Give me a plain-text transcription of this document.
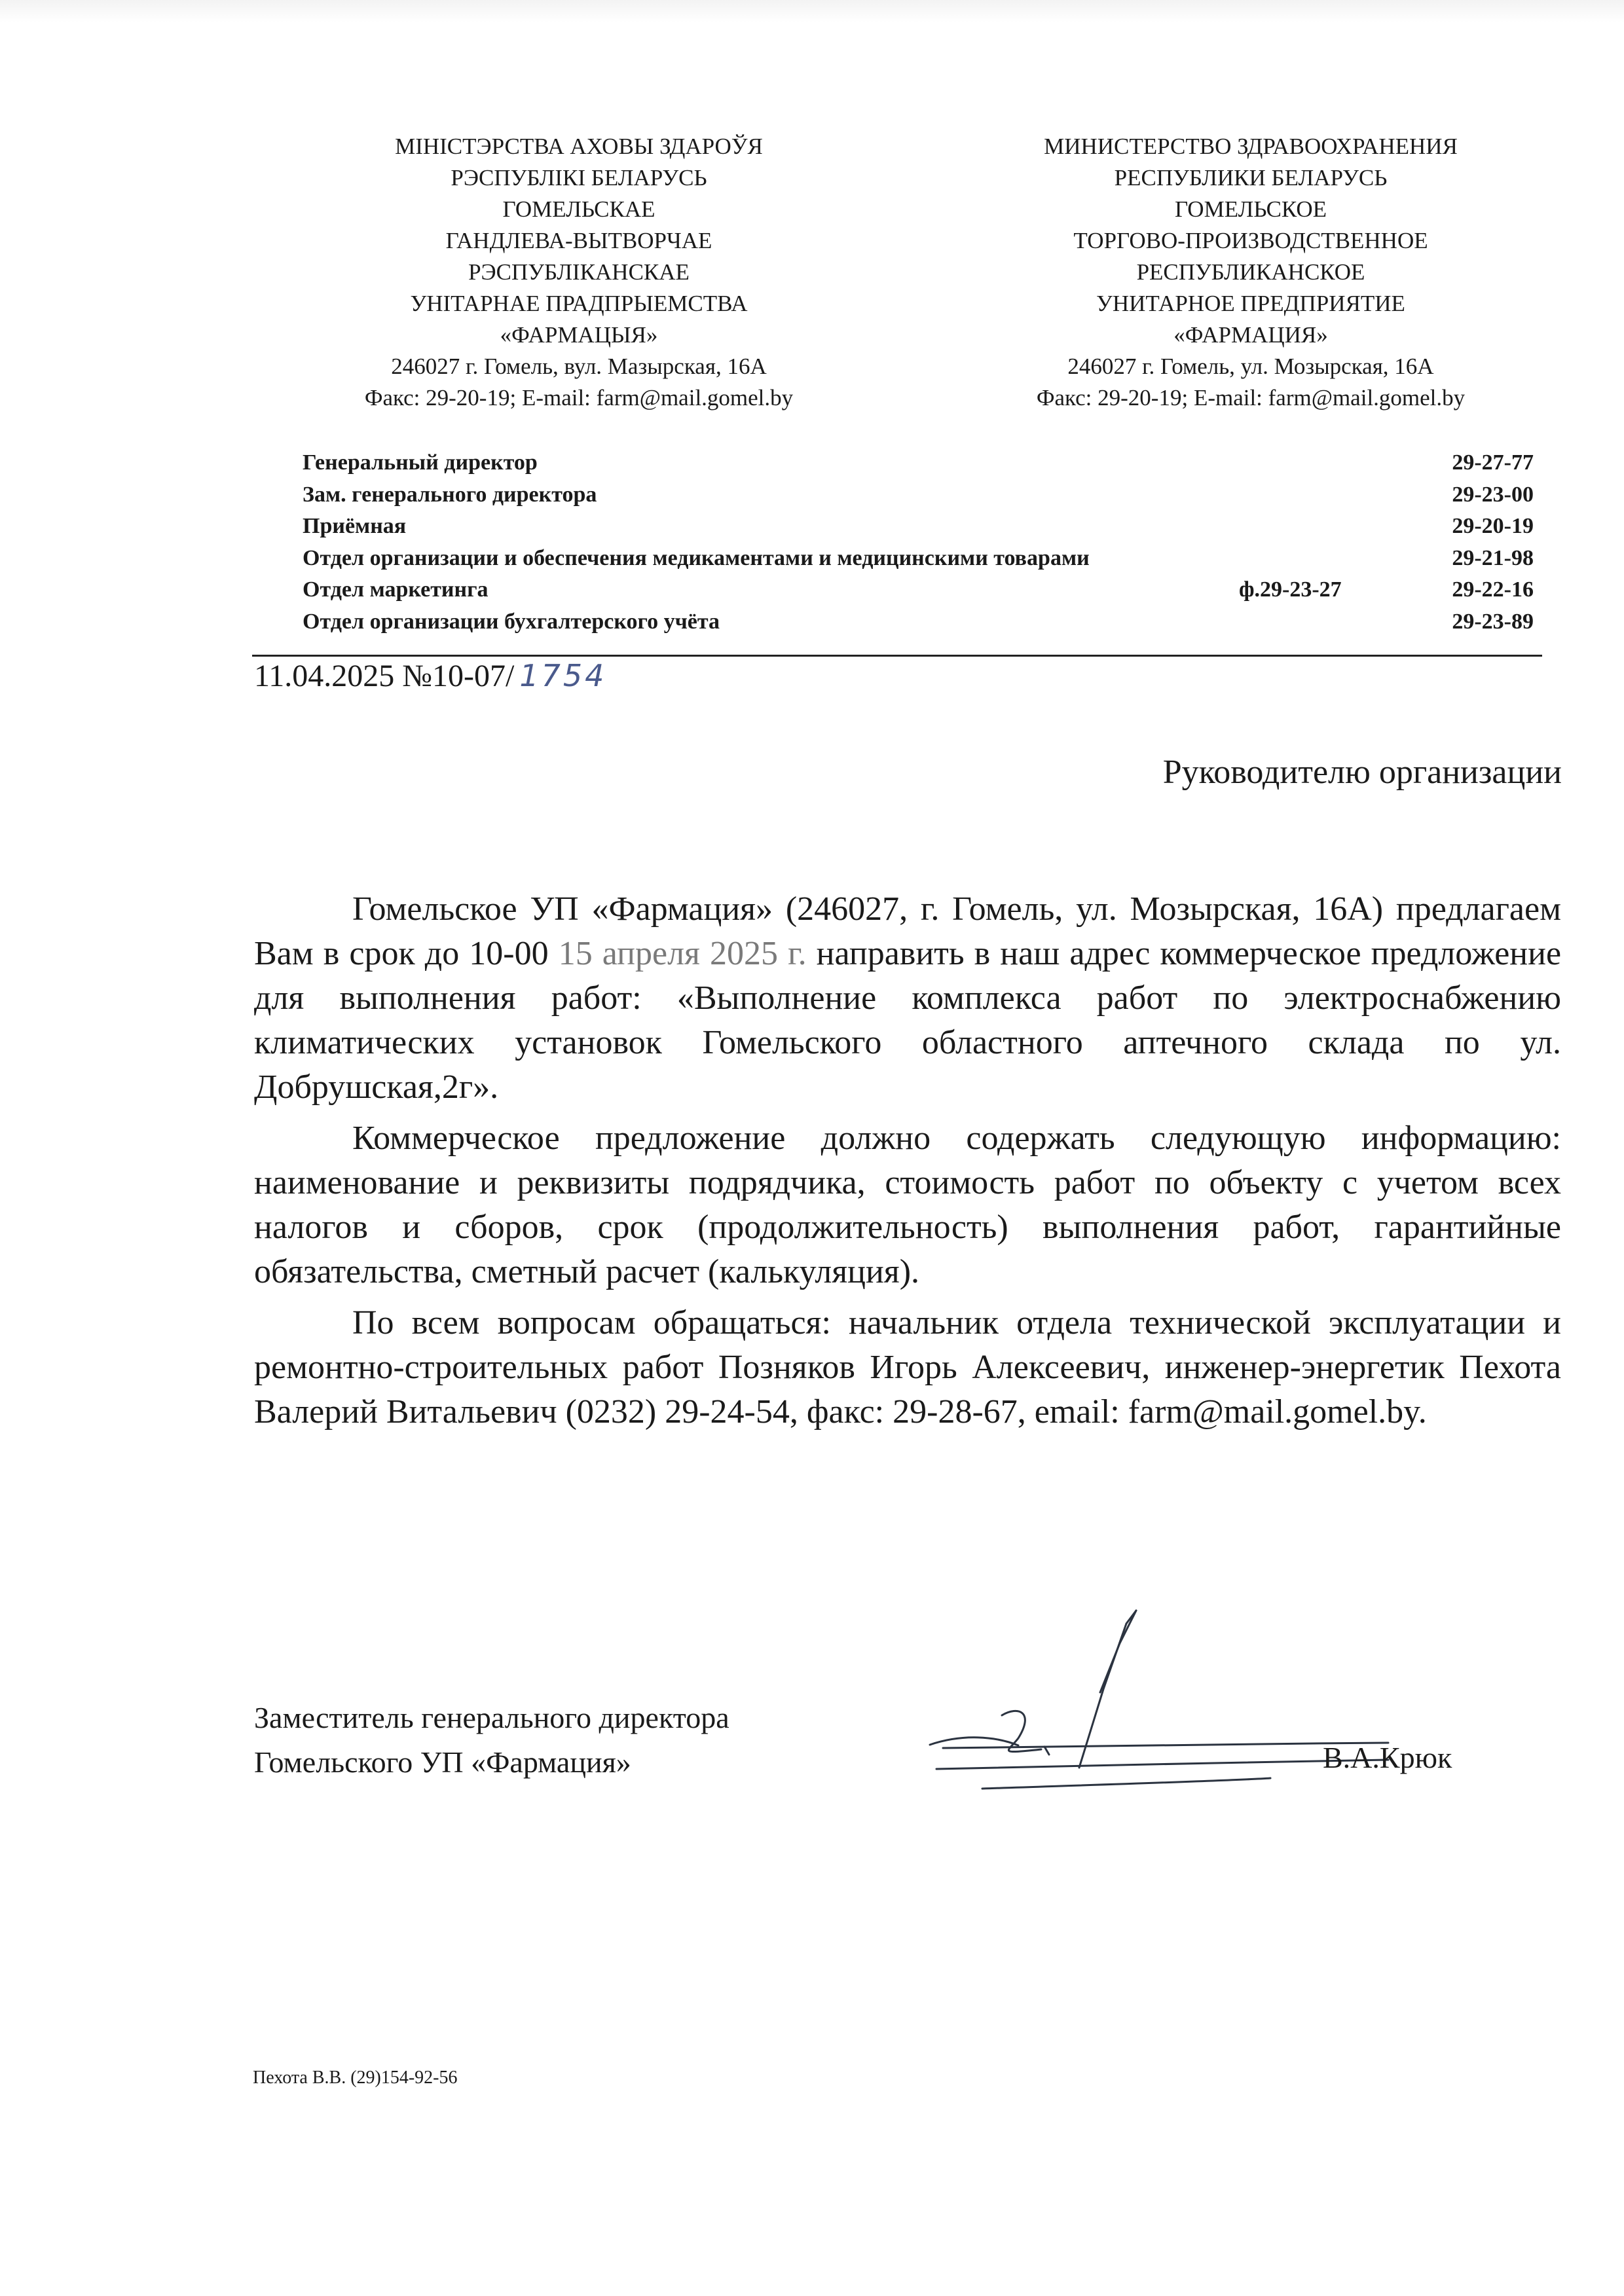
МІНІСТЭРСТВА АХОВЫ ЗДАРОЎЯ
РЭСПУБЛІКІ БЕЛАРУСЬ
ГОМЕЛЬСКАЕ
ГАНДЛЕВА-ВЫТВОРЧАЕ
РЭСПУБЛІКАНСКАЕ
УНІТАРНАЕ ПРАДПРЫЕМСТВА
«ФАРМАЦЫЯ»
246027 г. Гомель, вул. Мазырская, 16А
Факс: 29-20-19; E-mail: farm@mail.gomel.by
МИНИСТЕРСТВО ЗДРАВООХРАНЕНИЯ
РЕСПУБЛИКИ БЕЛАРУСЬ
ГОМЕЛЬСКОЕ
ТОРГОВО-ПРОИЗВОДСТВЕННОЕ
РЕСПУБЛИКАНСКОЕ
УНИТАРНОЕ ПРЕДПРИЯТИЕ
«ФАРМАЦИЯ»
246027 г. Гомель, ул. Мозырская, 16А
Факс: 29-20-19; E-mail: farm@mail.gomel.by
Генеральный директор	29-27-77
Зам. генерального директора	29-23-00
Приёмная	29-20-19
Отдел организации и обеспечения медикаментами и медицинскими товарами	29-21-98
Отдел маркетинга	ф.29-23-27	29-22-16
Отдел организации бухгалтерского учёта	29-23-89
11.04.2025 №10-07/ 1754
Руководителю организации

Гомельское УП «Фармация» (246027, г. Гомель, ул. Мозырская, 16А) предлагаем Вам в срок до 10-00 15 апреля 2025 г. направить в наш адрес коммерческое предложение для выполнения работ: «Выполнение комплекса работ по электроснабжению климатических установок Гомельского областного аптечного склада по ул. Добрушская,2г».

Коммерческое предложение должно содержать следующую информацию: наименование и реквизиты подрядчика, стоимость работ по объекту с учетом всех налогов и сборов, срок (продолжительность) выполнения работ, гарантийные обязательства, сметный расчет (калькуляция).

По всем вопросам обращаться: начальник отдела технической эксплуатации и ремонтно-строительных работ Позняков Игорь Алексеевич, инженер-энергетик Пехота Валерий Витальевич (0232) 29-24-54, факс: 29-28-67, email: farm@mail.gomel.by.

Заместитель генерального директора
Гомельского УП «Фармация»	В.А.Крюк
Пехота В.В. (29)154-92-56
